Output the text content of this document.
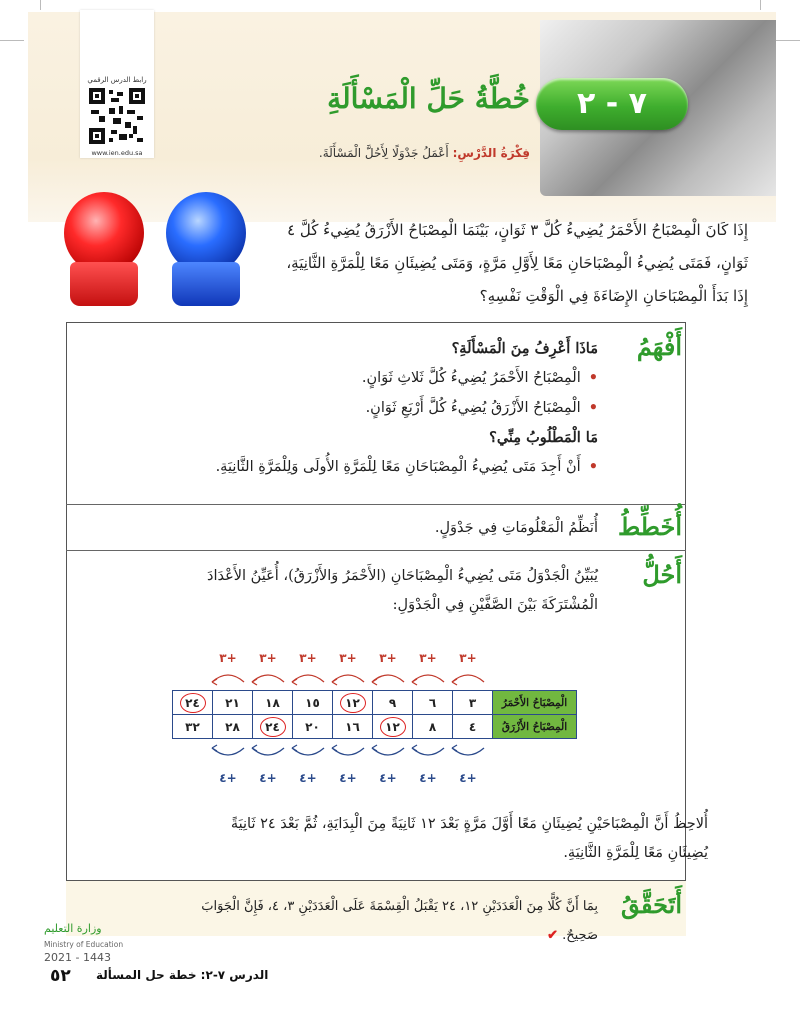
رابط الدرس الرقمي
www.ien.edu.sa
٧ - ٢
خُطَّةُ حَلِّ الْمَسْأَلَةِ
فِكْرَةُ الدَّرْسِ: أَعْمَلُ جَدْوَلًا لِأَحُلَّ الْمَسْأَلَةَ.
إِذَا كَانَ الْمِصْبَاحُ الأَحْمَرُ يُضِيءُ كُلَّ ٣ ثَوَانٍ، بَيْنَمَا الْمِصْبَاحُ الأَزْرَقُ يُضِيءُ كُلَّ ٤ ثَوَانٍ، فَمَتَى يُضِيءُ الْمِصْبَاحَانِ مَعًا لِأَوَّلِ مَرَّةٍ، وَمَتَى يُضِيئَانِ مَعًا لِلْمَرَّةِ الثَّانِيَةِ، إِذَا بَدَأَ الْمِصْبَاحَانِ الإِضَاءَةَ فِي الْوَقْتِ نَفْسِهِ؟
أَفْهَمُ
مَاذَا أَعْرِفُ مِنَ الْمَسْأَلَةِ؟
•الْمِصْبَاحُ الأَحْمَرُ يُضِيءُ كُلَّ ثَلاثِ ثَوَانٍ.
•الْمِصْبَاحُ الأَزْرَقُ يُضِيءُ كُلَّ أَرْبَعِ ثَوَانٍ.
مَا الْمَطْلُوبُ مِنِّي؟
•أَنْ أَجِدَ مَتَى يُضِيءُ الْمِصْبَاحَانِ مَعًا لِلْمَرَّةِ الأُولَى وَلِلْمَرَّةِ الثَّانِيَةِ.
أُخَطِّطُ
أُنَظِّمُ الْمَعْلُومَاتِ فِي جَدْوَلٍ.
أَحُلُّ
يُبَيِّنُ الْجَدْوَلُ مَتَى يُضِيءُ الْمِصْبَاحَانِ (الأَحْمَرُ وَالأَزْرَقُ)، أُعَيِّنُ الأَعْدَادَ الْمُشْتَرَكَةَ بَيْنَ الصَّفَّيْنِ فِي الْجَدْوَلِ:
٣+
٣+
٣+
٣+
٣+
٣+
٣+
٤+
٤+
٤+
٤+
٤+
٤+
٤+
الْمِصْبَاحُ الأَحْمَرُ	٣	٦	٩	١٢	١٥	١٨	٢١	٢٤
الْمِصْبَاحُ الأَزْرَقُ	٤	٨	١٢	١٦	٢٠	٢٤	٢٨	٣٢
أُلاحِظُ أَنَّ الْمِصْبَاحَيْنِ يُضِيئَانِ مَعًا أَوَّلَ مَرَّةٍ بَعْدَ ١٢ ثَانِيَةً مِنَ الْبِدَايَةِ، ثُمَّ بَعْدَ ٢٤ ثَانِيَةً يُضِيئَانِ مَعًا لِلْمَرَّةِ الثَّانِيَةِ.
أَتَحَقَّقُ
بِمَا أَنَّ كُلًّا مِنَ الْعَدَدَيْنِ ١٢، ٢٤ يَقْبَلُ الْقِسْمَةَ عَلَى الْعَدَدَيْنِ ٣، ٤، فَإِنَّ الْجَوَابَ صَحِيحٌ. ✔
وزارة التعليم
Ministry of Education
2021 - 1443
٥٢ الدرس ٧-٢: خطة حل المسألة
